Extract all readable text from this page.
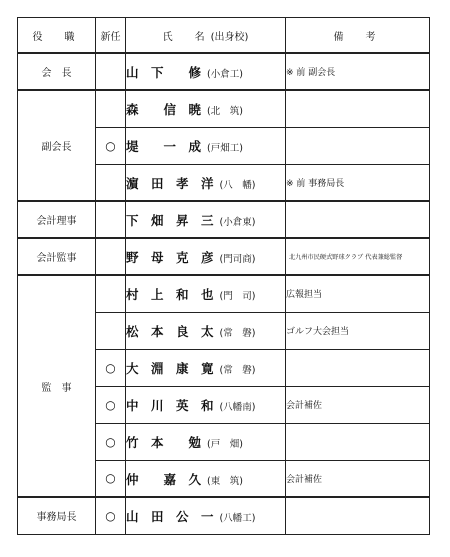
役　職	新任	氏　名(出身校)	備　考
会　長		山　下　　修 (小倉工)	※ 前 副会長
副会長		森　　信　暁 (北　筑)	
	○	堤　　一　成 (戸畑工)	
		濵　田　孝　洋 (八　幡)	※ 前 事務局長
会計理事		下　畑　昇　三 (小倉東)	
会計監事		野　母　克　彦 (門司商)	北九州市民硬式野球クラブ 代表兼総監督
監　事		村　上　和　也 (門　司)	広報担当
		松　本　良　太 (常　磐)	ゴルフ大会担当
	○	大　淵　康　寛 (常　磐)	
	○	中　川　英　和 (八幡南)	会計補佐
	○	竹　本　　勉 (戸　畑)	
	○	仲　　嘉　久 (東　筑)	会計補佐
事務局長	○	山　田　公　一 (八幡工)	
